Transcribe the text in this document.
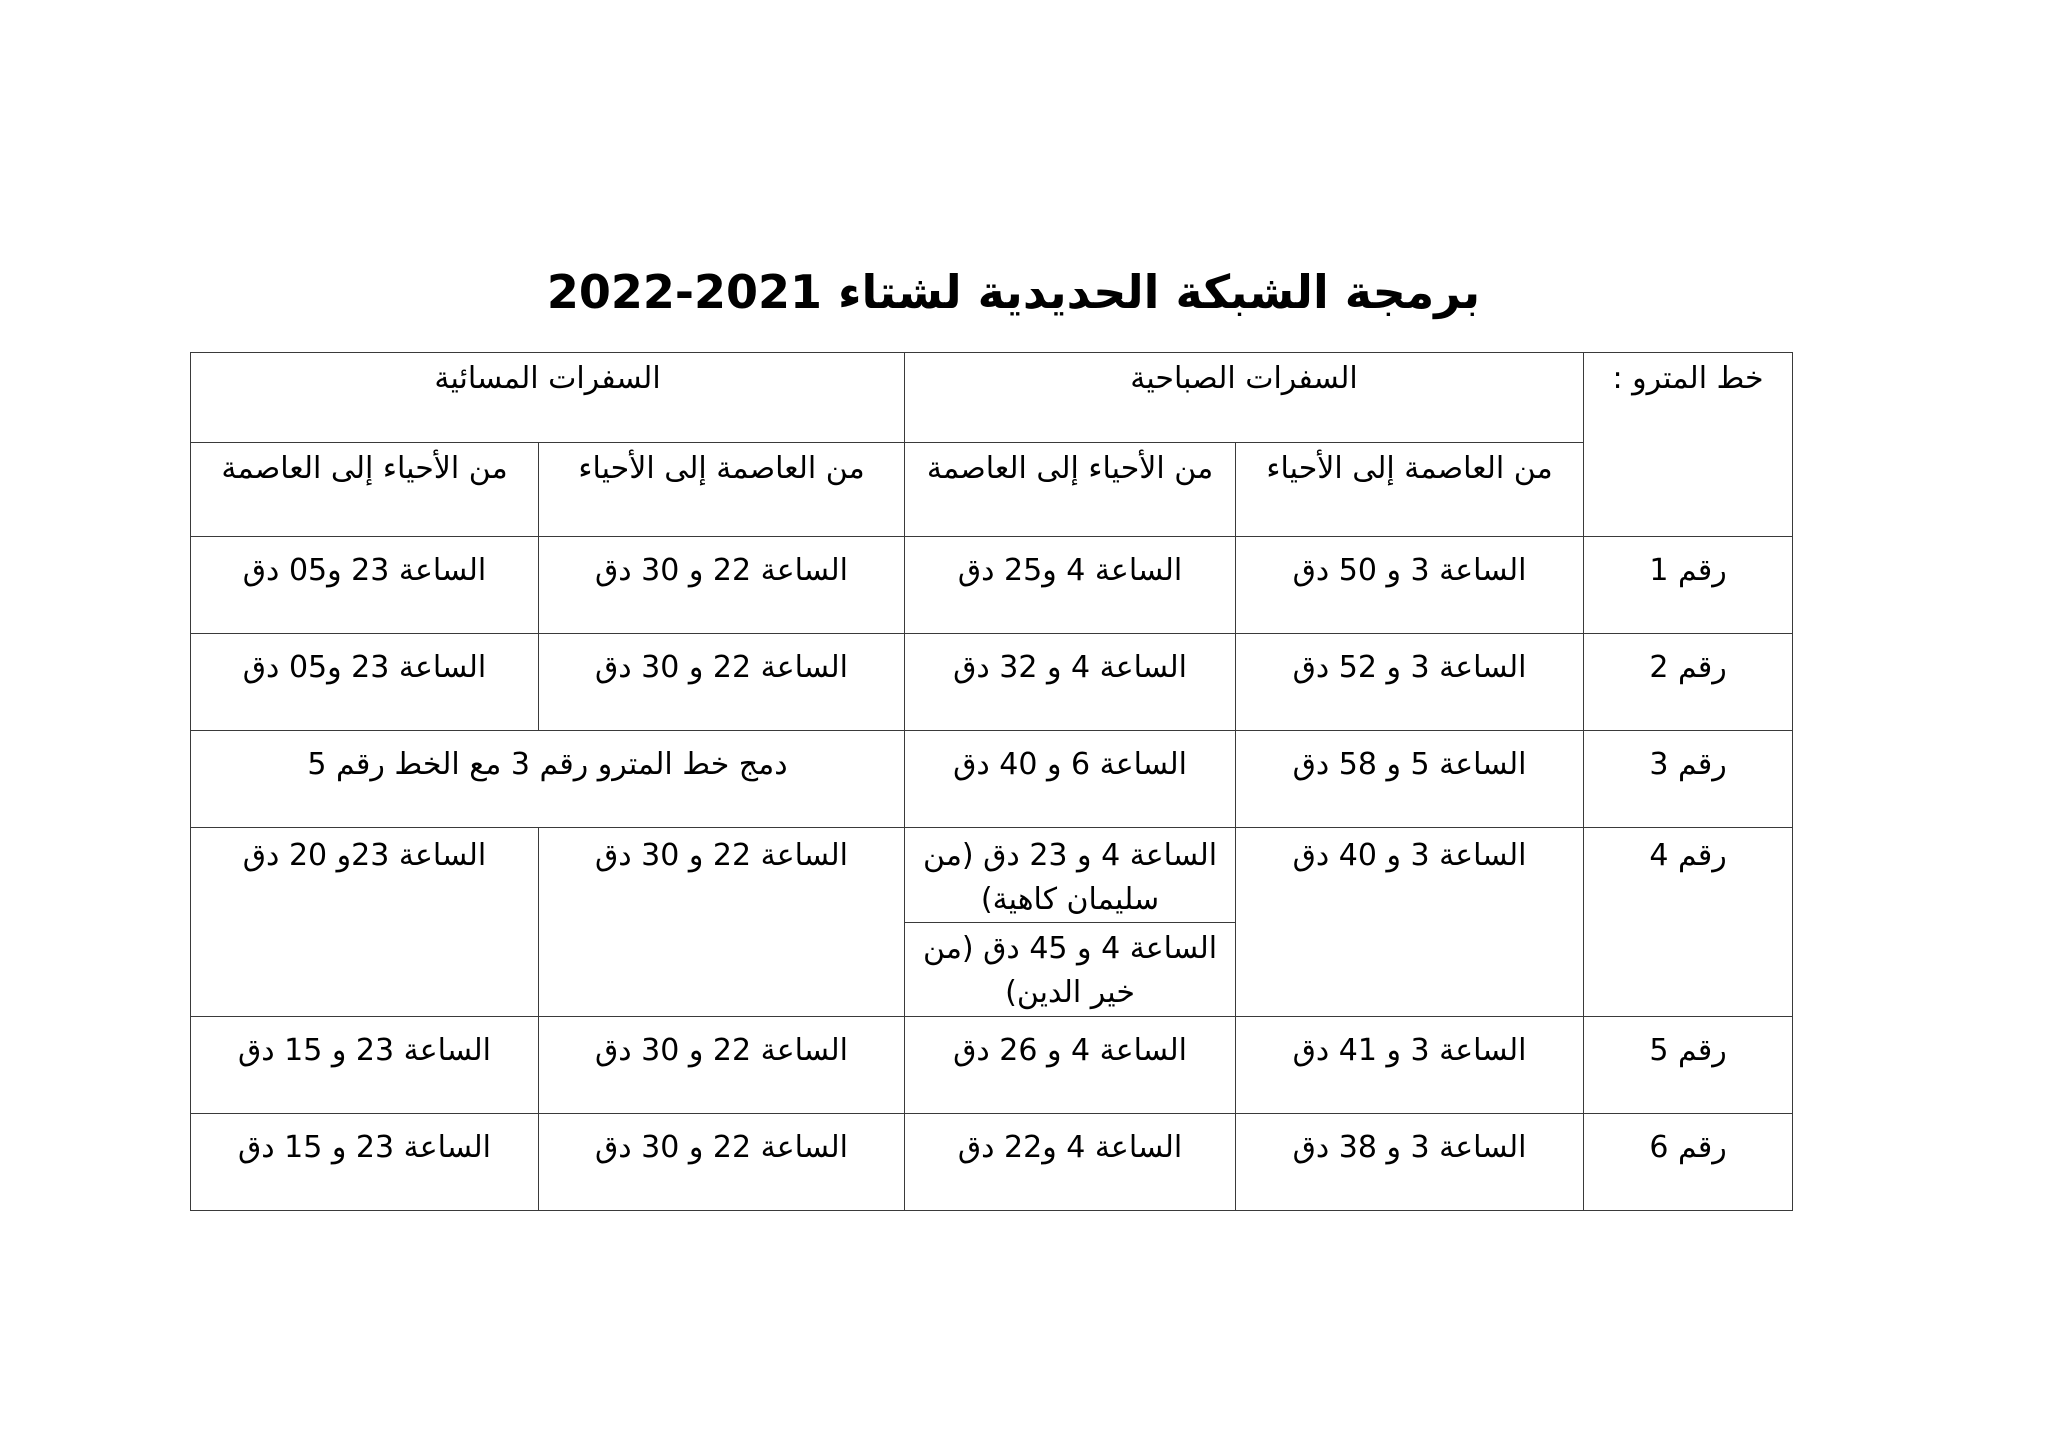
برمجة الشبكة الحديدية لشتاء 2021-2022
خط المترو :	السفرات الصباحية		السفرات المسائية	
	من العاصمة إلى الأحياء	من الأحياء إلى العاصمة	من العاصمة إلى الأحياء	من الأحياء إلى العاصمة
رقم 1	الساعة 3 و 50 دق	الساعة 4 و25 دق	الساعة 22 و 30 دق	الساعة 23 و05 دق
رقم 2	الساعة 3 و 52 دق	الساعة 4 و 32 دق	الساعة 22 و 30 دق	الساعة 23 و05 دق
رقم 3	الساعة 5 و 58 دق	الساعة 6 و 40 دق	دمج خط المترو رقم 3 مع الخط رقم 5	
رقم 4	الساعة 3 و 40 دق	الساعة 4 و 23 دق (من سليمان كاهية)	الساعة 22 و 30 دق	الساعة 23و 20 دق
		الساعة 4 و 45 دق (من خير الدين)		
رقم 5	الساعة 3 و 41 دق	الساعة 4 و 26 دق	الساعة 22 و 30 دق	الساعة 23 و 15 دق
رقم 6	الساعة 3 و 38 دق	الساعة 4 و22 دق	الساعة 22 و 30 دق	الساعة 23 و 15 دق
